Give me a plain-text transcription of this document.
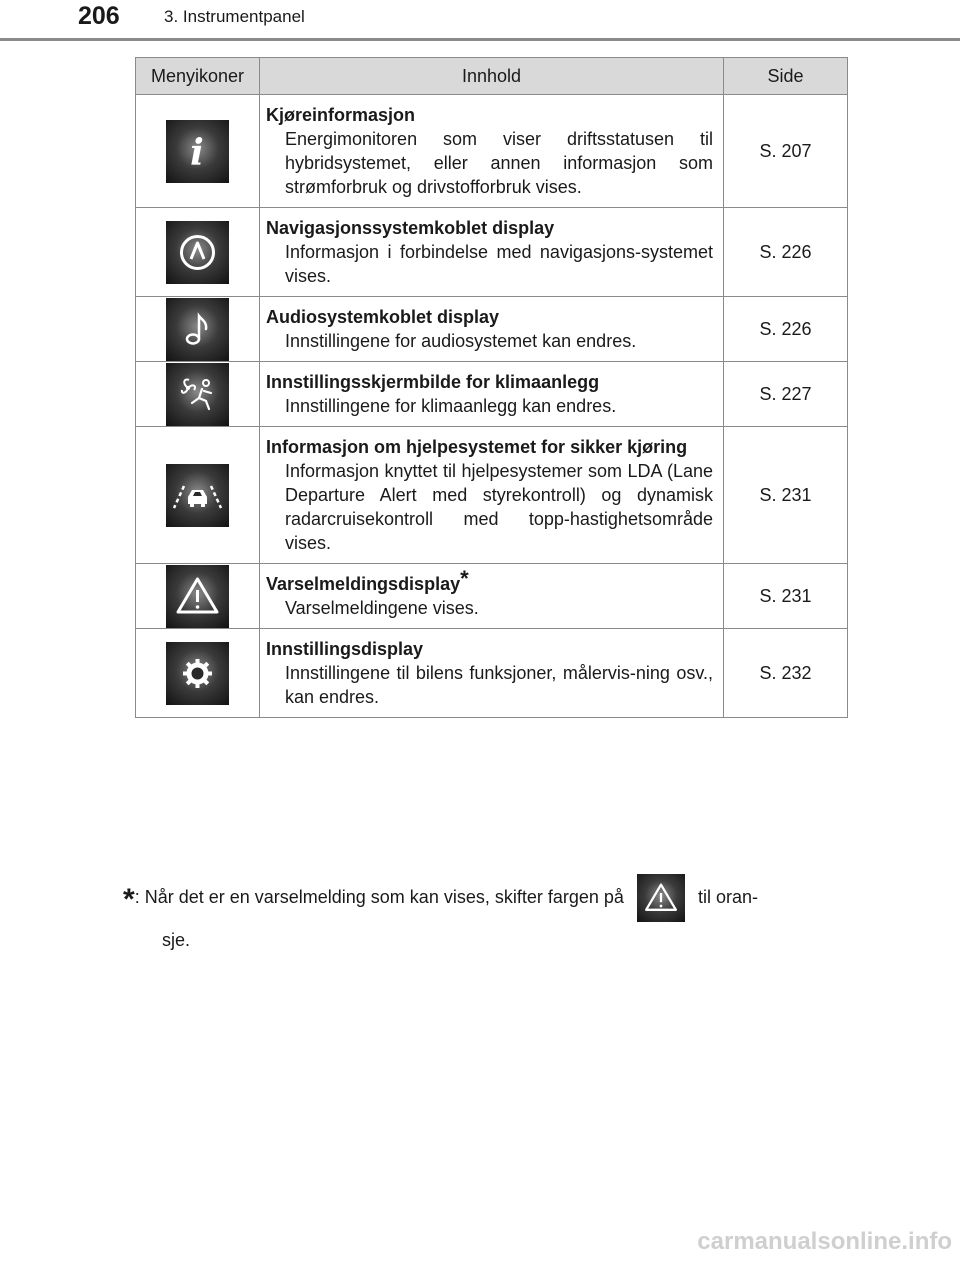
206	3. Instrumentpanel
Menyikoner	Innhold	Side

i	Kjøreinformasjon
Energimonitoren som viser driftsstatusen til hybridsystemet, eller annen informasjon som strømforbruk og drivstofforbruk vises.	S. 207

Navigasjonssystemkoblet display
Informasjon i forbindelse med navigasjons-systemet vises.	S. 226

Audiosystemkoblet display
Innstillingene for audiosystemet kan endres.	S. 226

Innstillingsskjermbilde for klimaanlegg
Innstillingene for klimaanlegg kan endres.	S. 227

Informasjon om hjelpesystemet for sikker kjøring
Informasjon knyttet til hjelpesystemer som LDA (Lane Departure Alert med styrekontroll) og dynamisk radarcruisekontroll med topp-hastighetsområde vises.	S. 231

Varselmeldingsdisplay*
Varselmeldingene vises.	S. 231

Innstillingsdisplay
Innstillingene til bilens funksjoner, målervis-ning osv., kan endres.	S. 232
*: Når det er en varselmelding som kan vises, skifter fargen på	til oran-
sje.
carmanualsonline.info
